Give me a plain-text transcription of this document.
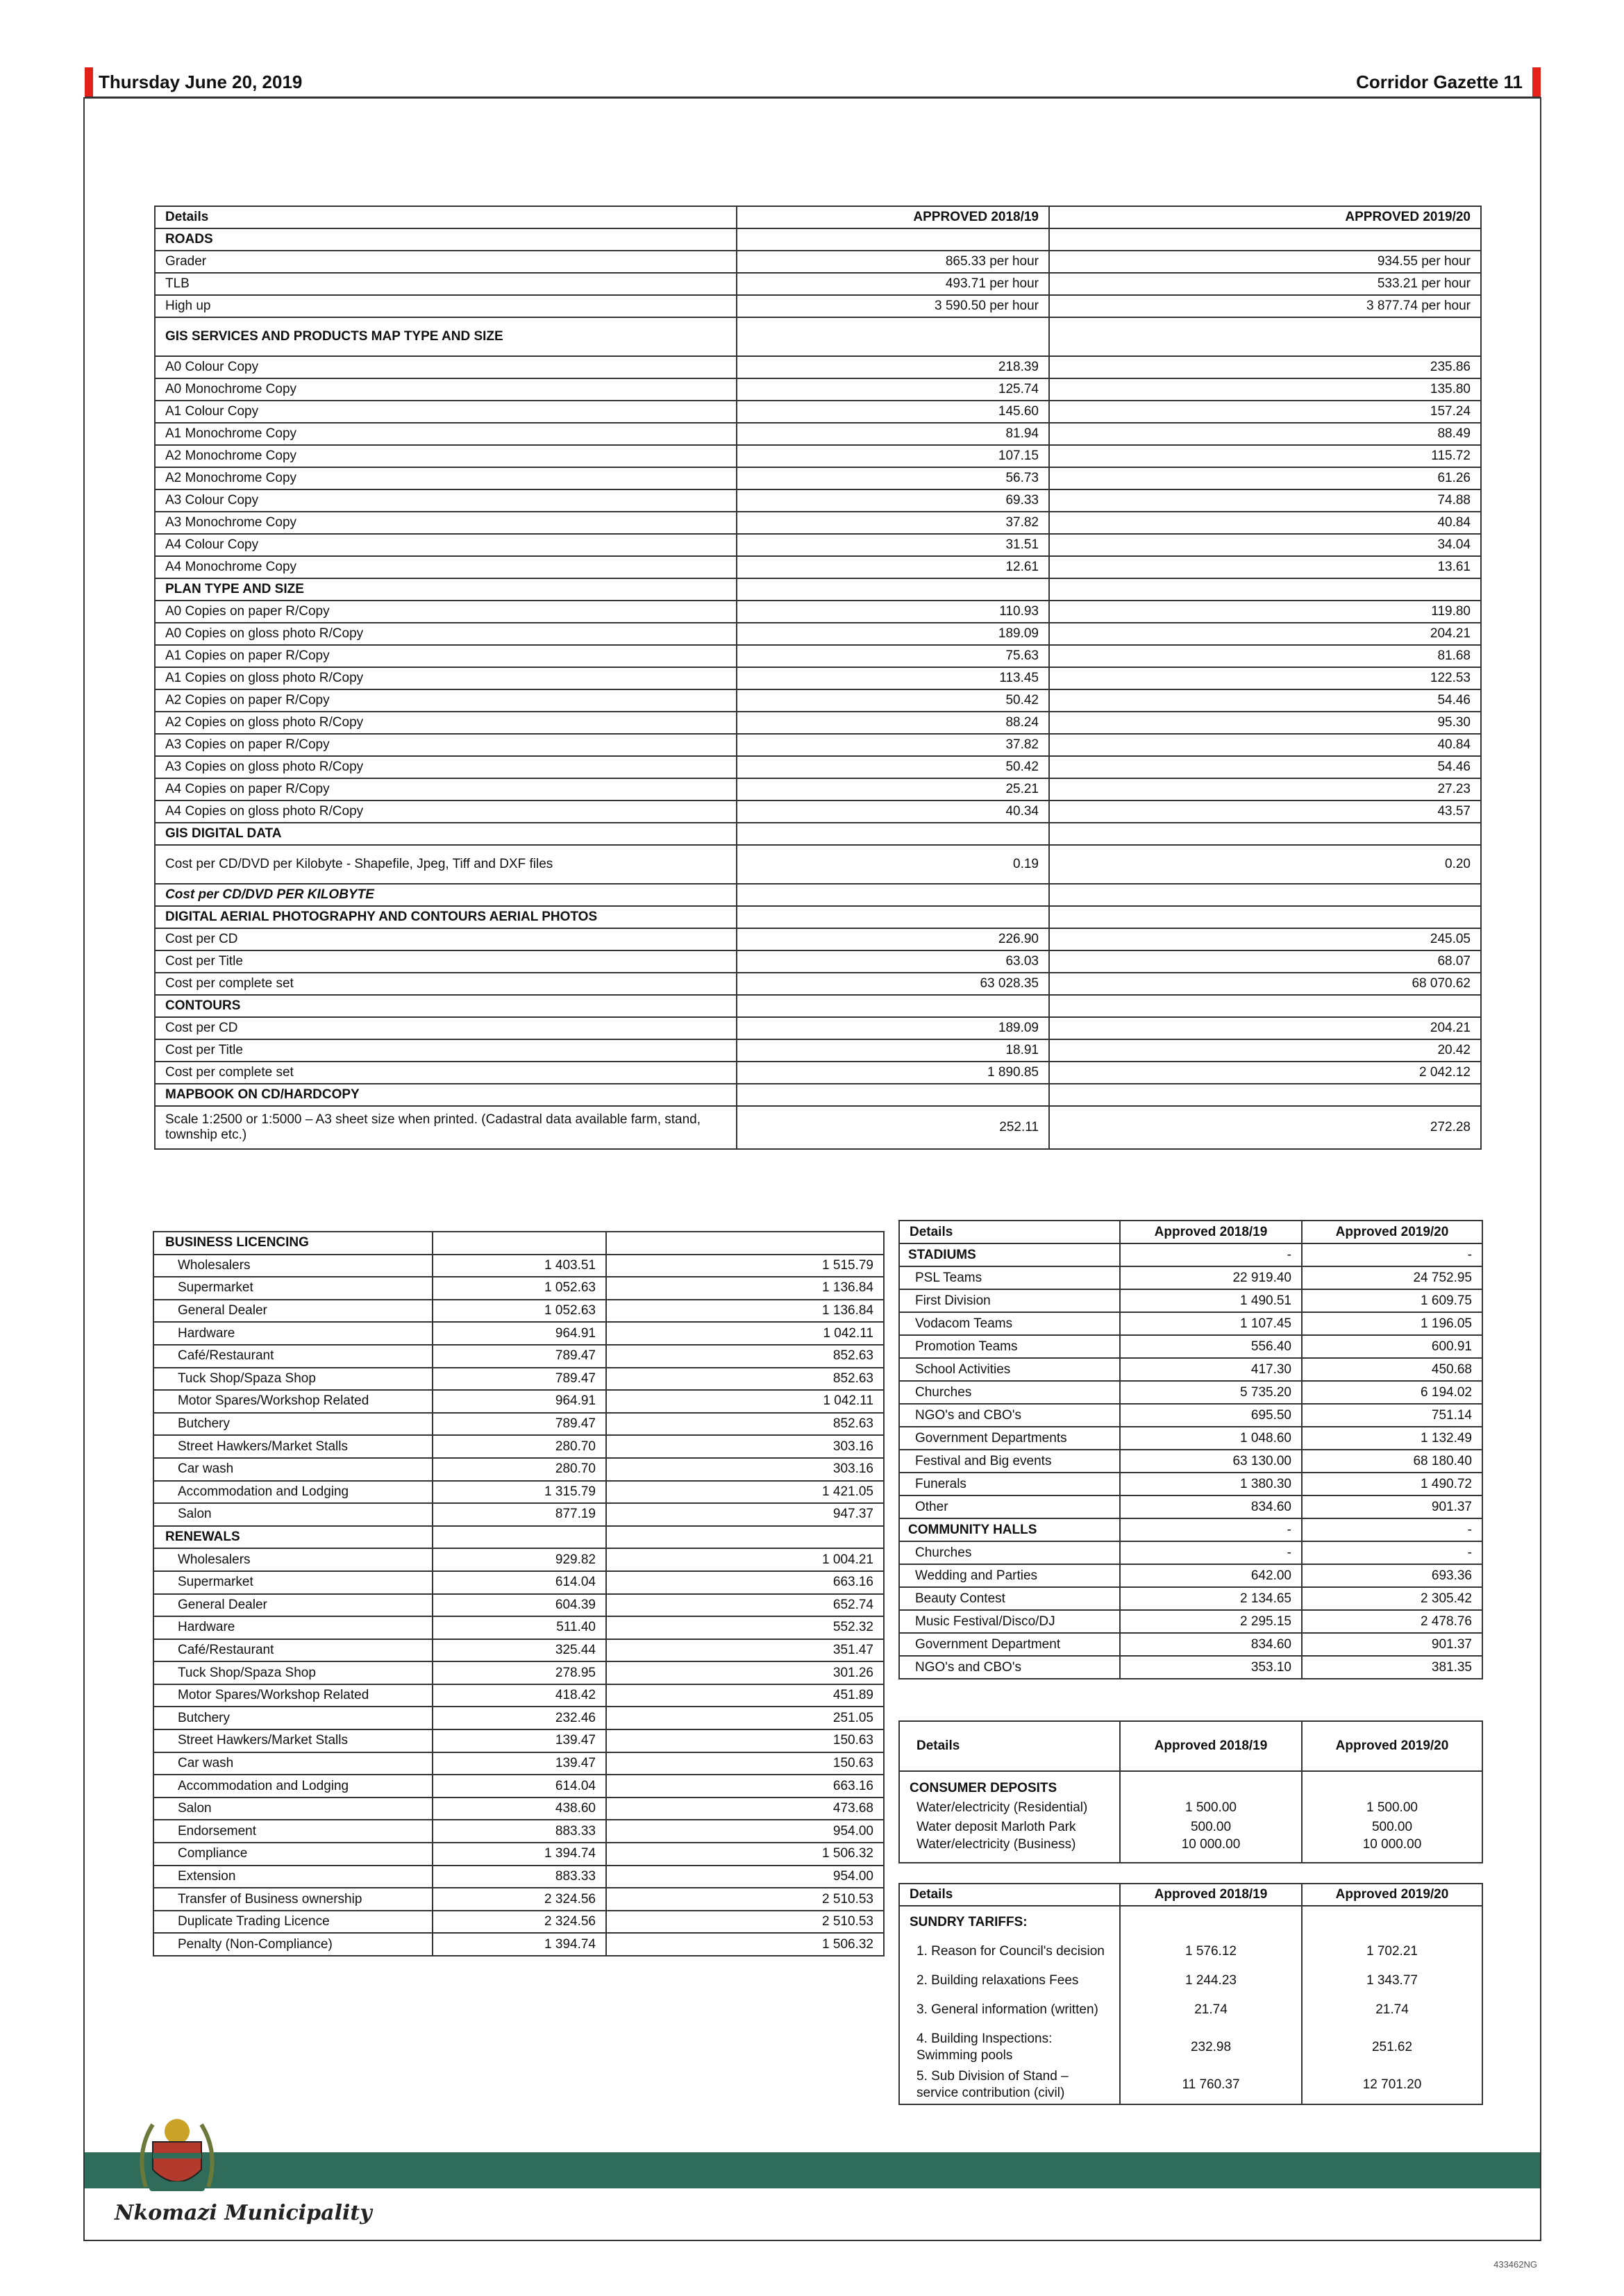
Thursday June 20, 2019	Corridor Gazette 11
Details	APPROVED 2018/19	APPROVED 2019/20
ROADS		
Grader	865.33 per hour	934.55 per hour
TLB	493.71 per hour	533.21 per hour
High up	3 590.50 per hour	3 877.74 per hour
GIS SERVICES AND PRODUCTS MAP TYPE AND SIZE		
A0 Colour Copy	218.39	235.86
A0 Monochrome Copy	125.74	135.80
A1 Colour Copy	145.60	157.24
A1 Monochrome Copy	81.94	88.49
A2 Monochrome Copy	107.15	115.72
A2 Monochrome Copy	56.73	61.26
A3 Colour Copy	69.33	74.88
A3 Monochrome Copy	37.82	40.84
A4 Colour Copy	31.51	34.04
A4 Monochrome Copy	12.61	13.61
PLAN TYPE AND SIZE		
A0 Copies on paper R/Copy	110.93	119.80
A0 Copies on gloss photo R/Copy	189.09	204.21
A1 Copies on paper R/Copy	75.63	81.68
A1 Copies on gloss photo R/Copy	113.45	122.53
A2 Copies on paper R/Copy	50.42	54.46
A2 Copies on gloss photo R/Copy	88.24	95.30
A3 Copies on paper R/Copy	37.82	40.84
A3 Copies on gloss photo R/Copy	50.42	54.46
A4 Copies on paper R/Copy	25.21	27.23
A4 Copies on gloss photo R/Copy	40.34	43.57
GIS DIGITAL DATA		
Cost per CD/DVD per Kilobyte - Shapefile, Jpeg, Tiff and DXF files	0.19	0.20
Cost per CD/DVD PER KILOBYTE		
DIGITAL AERIAL PHOTOGRAPHY AND CONTOURS AERIAL PHOTOS		
Cost per CD	226.90	245.05
Cost per Title	63.03	68.07
Cost per complete set	63 028.35	68 070.62
CONTOURS		
Cost per CD	189.09	204.21
Cost per Title	18.91	20.42
Cost per complete set	1 890.85	2 042.12
MAPBOOK ON CD/HARDCOPY		
Scale 1:2500 or 1:5000 – A3 sheet size when printed. (Cadastral data available farm, stand, township etc.)	252.11	272.28
BUSINESS LICENCING		
Wholesalers	1 403.51	1 515.79
Supermarket	1 052.63	1 136.84
General Dealer	1 052.63	1 136.84
Hardware	964.91	1 042.11
Café/Restaurant	789.47	852.63
Tuck Shop/Spaza Shop	789.47	852.63
Motor Spares/Workshop Related	964.91	1 042.11
Butchery	789.47	852.63
Street Hawkers/Market Stalls	280.70	303.16
Car wash	280.70	303.16
Accommodation and Lodging	1 315.79	1 421.05
Salon	877.19	947.37
RENEWALS		
Wholesalers	929.82	1 004.21
Supermarket	614.04	663.16
General Dealer	604.39	652.74
Hardware	511.40	552.32
Café/Restaurant	325.44	351.47
Tuck Shop/Spaza Shop	278.95	301.26
Motor Spares/Workshop Related	418.42	451.89
Butchery	232.46	251.05
Street Hawkers/Market Stalls	139.47	150.63
Car wash	139.47	150.63
Accommodation and Lodging	614.04	663.16
Salon	438.60	473.68
Endorsement	883.33	954.00
Compliance	1 394.74	1 506.32
Extension	883.33	954.00
Transfer of Business ownership	2 324.56	2 510.53
Duplicate Trading Licence	2 324.56	2 510.53
Penalty (Non-Compliance)	1 394.74	1 506.32
Details	Approved 2018/19	Approved 2019/20
STADIUMS	-	-
PSL Teams	22 919.40	24 752.95
First Division	1 490.51	1 609.75
Vodacom Teams	1 107.45	1 196.05
Promotion Teams	556.40	600.91
School Activities	417.30	450.68
Churches	5 735.20	6 194.02
NGO's and CBO's	695.50	751.14
Government Departments	1 048.60	1 132.49
Festival and Big events	63 130.00	68 180.40
Funerals	1 380.30	1 490.72
Other	834.60	901.37
COMMUNITY HALLS	-	-
Churches	-	-
Wedding and Parties	642.00	693.36
Beauty Contest	2 134.65	2 305.42
Music Festival/Disco/DJ	2 295.15	2 478.76
Government Department	834.60	901.37
NGO's and CBO's	353.10	381.35
Details	Approved 2018/19	Approved 2019/20
CONSUMER DEPOSITS		
Water/electricity (Residential)	1 500.00	1 500.00
Water deposit Marloth Park	500.00	500.00
Water/electricity (Business)	10 000.00	10 000.00
Details	Approved 2018/19	Approved 2019/20
SUNDRY TARIFFS:		
1. Reason for Council's decision	1 576.12	1 702.21
2. Building relaxations Fees	1 244.23	1 343.77
3. General information (written)	21.74	21.74
4. Building Inspections: Swimming pools	232.98	251.62
5. Sub Division of Stand – service contribution (civil)	11 760.37	12 701.20
Nkomazi Municipality
433462NG
